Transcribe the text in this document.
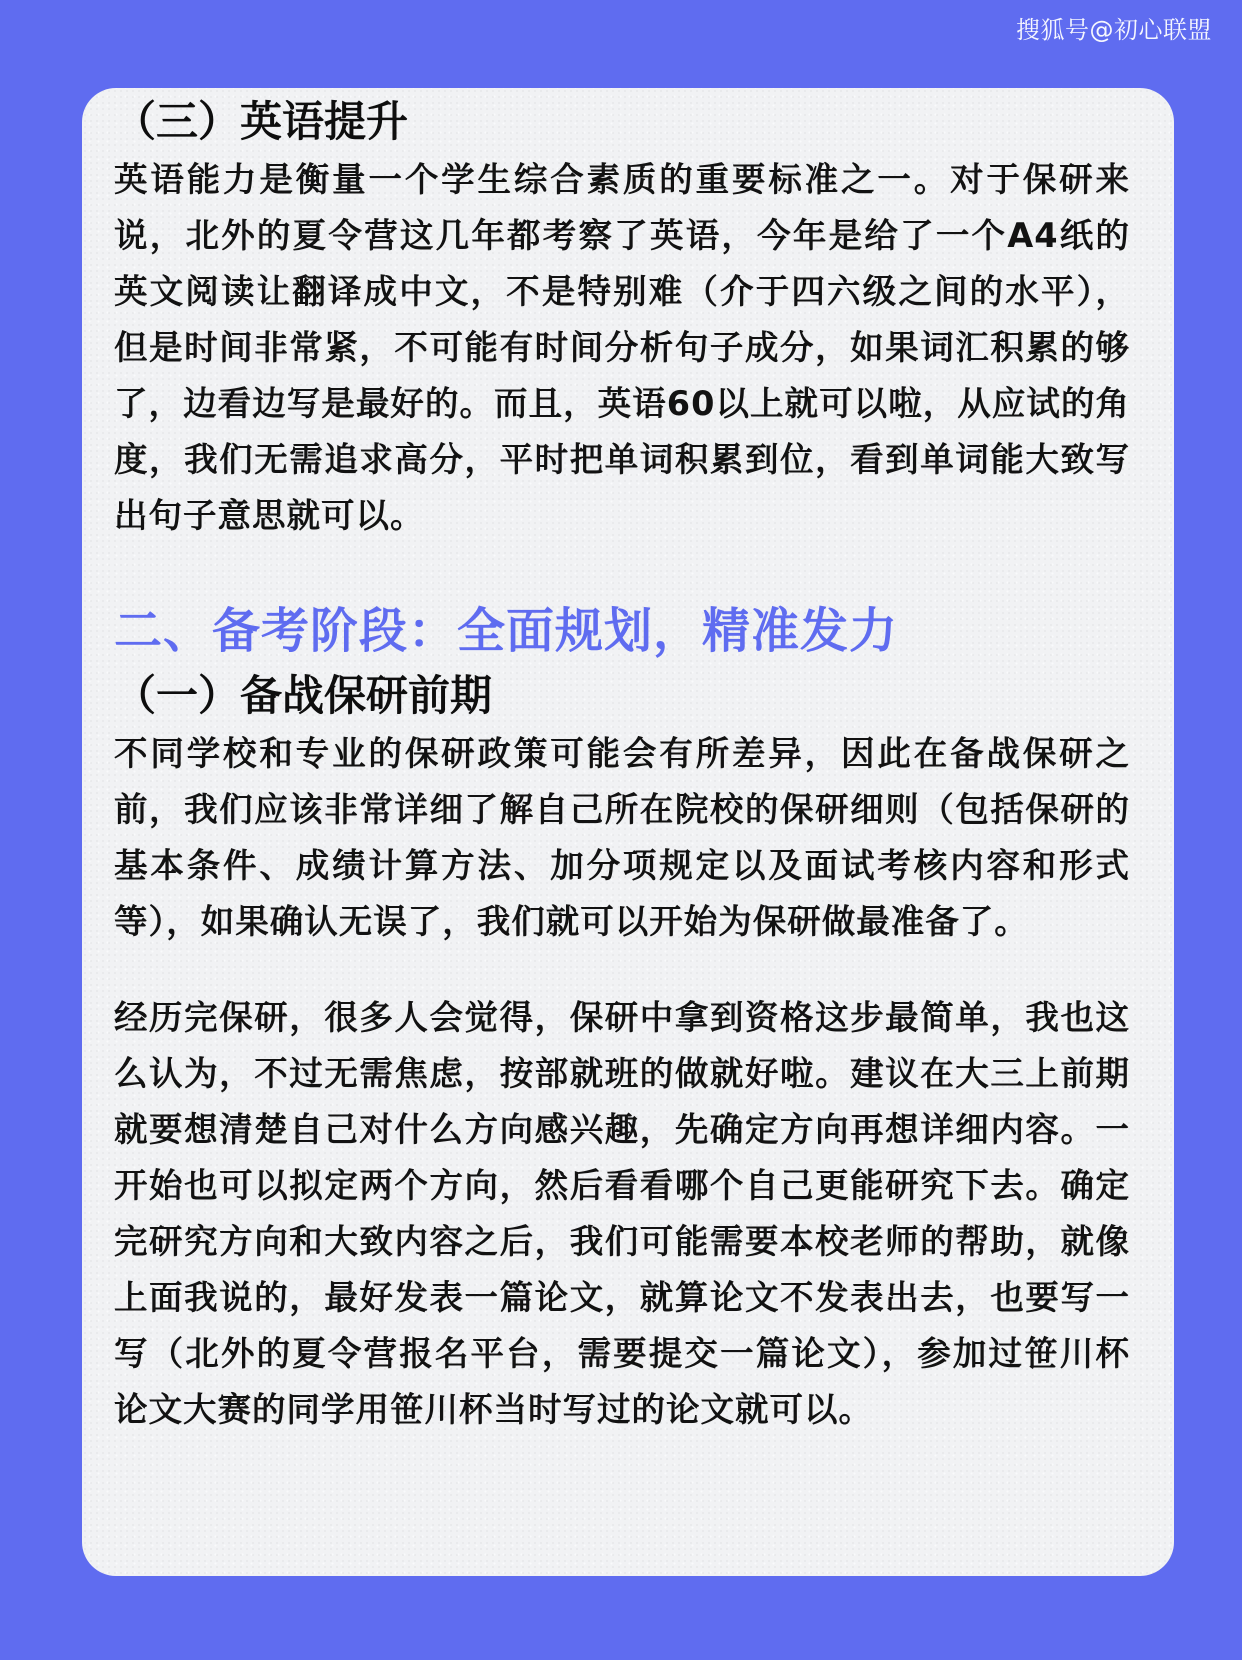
搜狐号@初心联盟
（三）英语提升

英语能力是衡量一个学生综合素质的重要标准之一。对于保研来说，北外的夏令营这几年都考察了英语，今年是给了一个A4纸的英文阅读让翻译成中文，不是特别难（介于四六级之间的水平），但是时间非常紧，不可能有时间分析句子成分，如果词汇积累的够了，边看边写是最好的。而且，英语60以上就可以啦，从应试的角度，我们无需追求高分，平时把单词积累到位，看到单词能大致写出句子意思就可以。

二、备考阶段：全面规划，精准发力
（一）备战保研前期

不同学校和专业的保研政策可能会有所差异，因此在备战保研之前，我们应该非常详细了解自己所在院校的保研细则（包括保研的基本条件、成绩计算方法、加分项规定以及面试考核内容和形式等），如果确认无误了，我们就可以开始为保研做最准备了。

经历完保研，很多人会觉得，保研中拿到资格这步最简单，我也这么认为，不过无需焦虑，按部就班的做就好啦。建议在大三上前期就要想清楚自己对什么方向感兴趣，先确定方向再想详细内容。一开始也可以拟定两个方向，然后看看哪个自己更能研究下去。确定完研究方向和大致内容之后，我们可能需要本校老师的帮助，就像上面我说的，最好发表一篇论文，就算论文不发表出去，也要写一写（北外的夏令营报名平台，需要提交一篇论文），参加过笹川杯论文大赛的同学用笹川杯当时写过的论文就可以。
